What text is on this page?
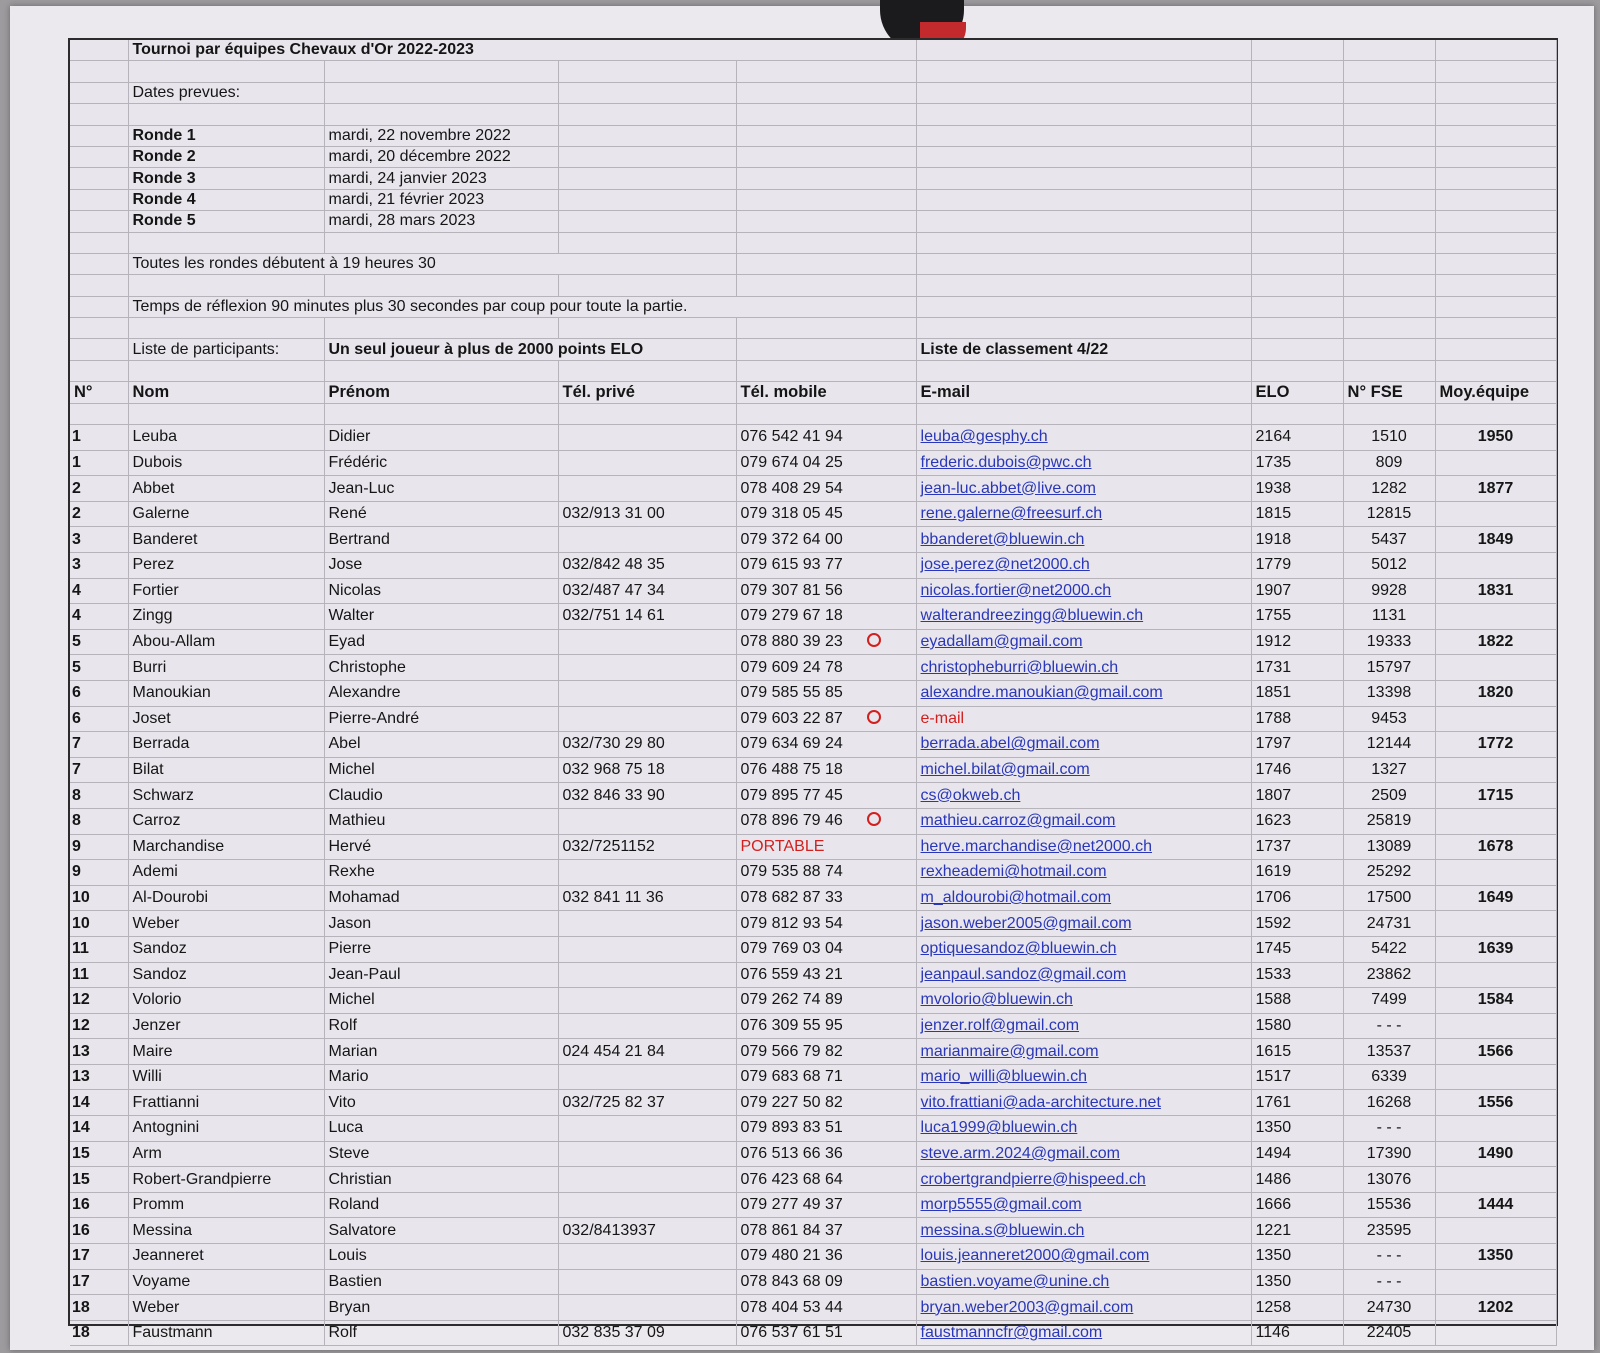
	Tournoi par équipes Chevaux d'Or 2022-2023							

	Dates prevues:							

	Ronde 1	mardi, 22 novembre 2022						
	Ronde 2	mardi, 20 décembre 2022						
	Ronde 3	mardi, 24 janvier 2023						
	Ronde 4	mardi, 21 février 2023						
	Ronde 5	mardi, 28 mars 2023						

	Toutes les rondes débutent à 19 heures 30							

	Temps de réflexion 90 minutes plus 30 secondes par coup pour toute la partie.							

	Liste de participants:	Un seul joueur à plus de 2000 points ELO			Liste de classement 4/22			

N°	Nom	Prénom	Tél. privé	Tél. mobile	E-mail	ELO	N° FSE	Moy.équipe

1	Leuba	Didier		076 542 41 94	leuba@gesphy.ch	2164	1510	1950
1	Dubois	Frédéric		079 674 04 25	frederic.dubois@pwc.ch	1735	809	
2	Abbet	Jean-Luc		078 408 29 54	jean-luc.abbet@live.com	1938	1282	1877
2	Galerne	René	032/913 31 00	079 318 05 45	rene.galerne@freesurf.ch	1815	12815	
3	Banderet	Bertrand		079 372 64 00	bbanderet@bluewin.ch	1918	5437	1849
3	Perez	Jose	032/842 48 35	079 615 93 77	jose.perez@net2000.ch	1779	5012	
4	Fortier	Nicolas	032/487 47 34	079 307 81 56	nicolas.fortier@net2000.ch	1907	9928	1831
4	Zingg	Walter	032/751 14 61	079 279 67 18	walterandreezingg@bluewin.ch	1755	1131	
5	Abou-Allam	Eyad		078 880 39 23	eyadallam@gmail.com	1912	19333	1822
5	Burri	Christophe		079 609 24 78	christopheburri@bluewin.ch	1731	15797	
6	Manoukian	Alexandre		079 585 55 85	alexandre.manoukian@gmail.com	1851	13398	1820
6	Joset	Pierre-André		079 603 22 87	e-mail	1788	9453	
7	Berrada	Abel	032/730 29 80	079 634 69 24	berrada.abel@gmail.com	1797	12144	1772
7	Bilat	Michel	032 968 75 18	076 488 75 18	michel.bilat@gmail.com	1746	1327	
8	Schwarz	Claudio	032 846 33 90	079 895 77 45	cs@okweb.ch	1807	2509	1715
8	Carroz	Mathieu		078 896 79 46	mathieu.carroz@gmail.com	1623	25819	
9	Marchandise	Hervé	032/7251152	PORTABLE	herve.marchandise@net2000.ch	1737	13089	1678
9	Ademi	Rexhe		079 535 88 74	rexheademi@hotmail.com	1619	25292	
10	Al-Dourobi	Mohamad	032 841 11 36	078 682 87 33	m_aldourobi@hotmail.com	1706	17500	1649
10	Weber	Jason		079 812 93 54	jason.weber2005@gmail.com	1592	24731	
11	Sandoz	Pierre		079 769 03 04	optiquesandoz@bluewin.ch	1745	5422	1639
11	Sandoz	Jean-Paul		076 559 43 21	jeanpaul.sandoz@gmail.com	1533	23862	
12	Volorio	Michel		079 262 74 89	mvolorio@bluewin.ch	1588	7499	1584
12	Jenzer	Rolf		076 309 55 95	jenzer.rolf@gmail.com	1580	- - -	
13	Maire	Marian	024 454 21 84	079 566 79 82	marianmaire@gmail.com	1615	13537	1566
13	Willi	Mario		079 683 68 71	mario_willi@bluewin.ch	1517	6339	
14	Frattianni	Vito	032/725 82 37	079 227 50 82	vito.frattiani@ada-architecture.net	1761	16268	1556
14	Antognini	Luca		079 893 83 51	luca1999@bluewin.ch	1350	- - -	
15	Arm	Steve		076 513 66 36	steve.arm.2024@gmail.com	1494	17390	1490
15	Robert-Grandpierre	Christian		076 423 68 64	crobertgrandpierre@hispeed.ch	1486	13076	
16	Promm	Roland		079 277 49 37	morp5555@gmail.com	1666	15536	1444
16	Messina	Salvatore	032/8413937	078 861 84 37	messina.s@bluewin.ch	1221	23595	
17	Jeanneret	Louis		079 480 21 36	louis.jeanneret2000@gmail.com	1350	- - -	1350
17	Voyame	Bastien		078 843 68 09	bastien.voyame@unine.ch	1350	- - -	
18	Weber	Bryan		078 404 53 44	bryan.weber2003@gmail.com	1258	24730	1202
18	Faustmann	Rolf	032 835 37 09	076 537 61 51	faustmanncfr@gmail.com	1146	22405	
